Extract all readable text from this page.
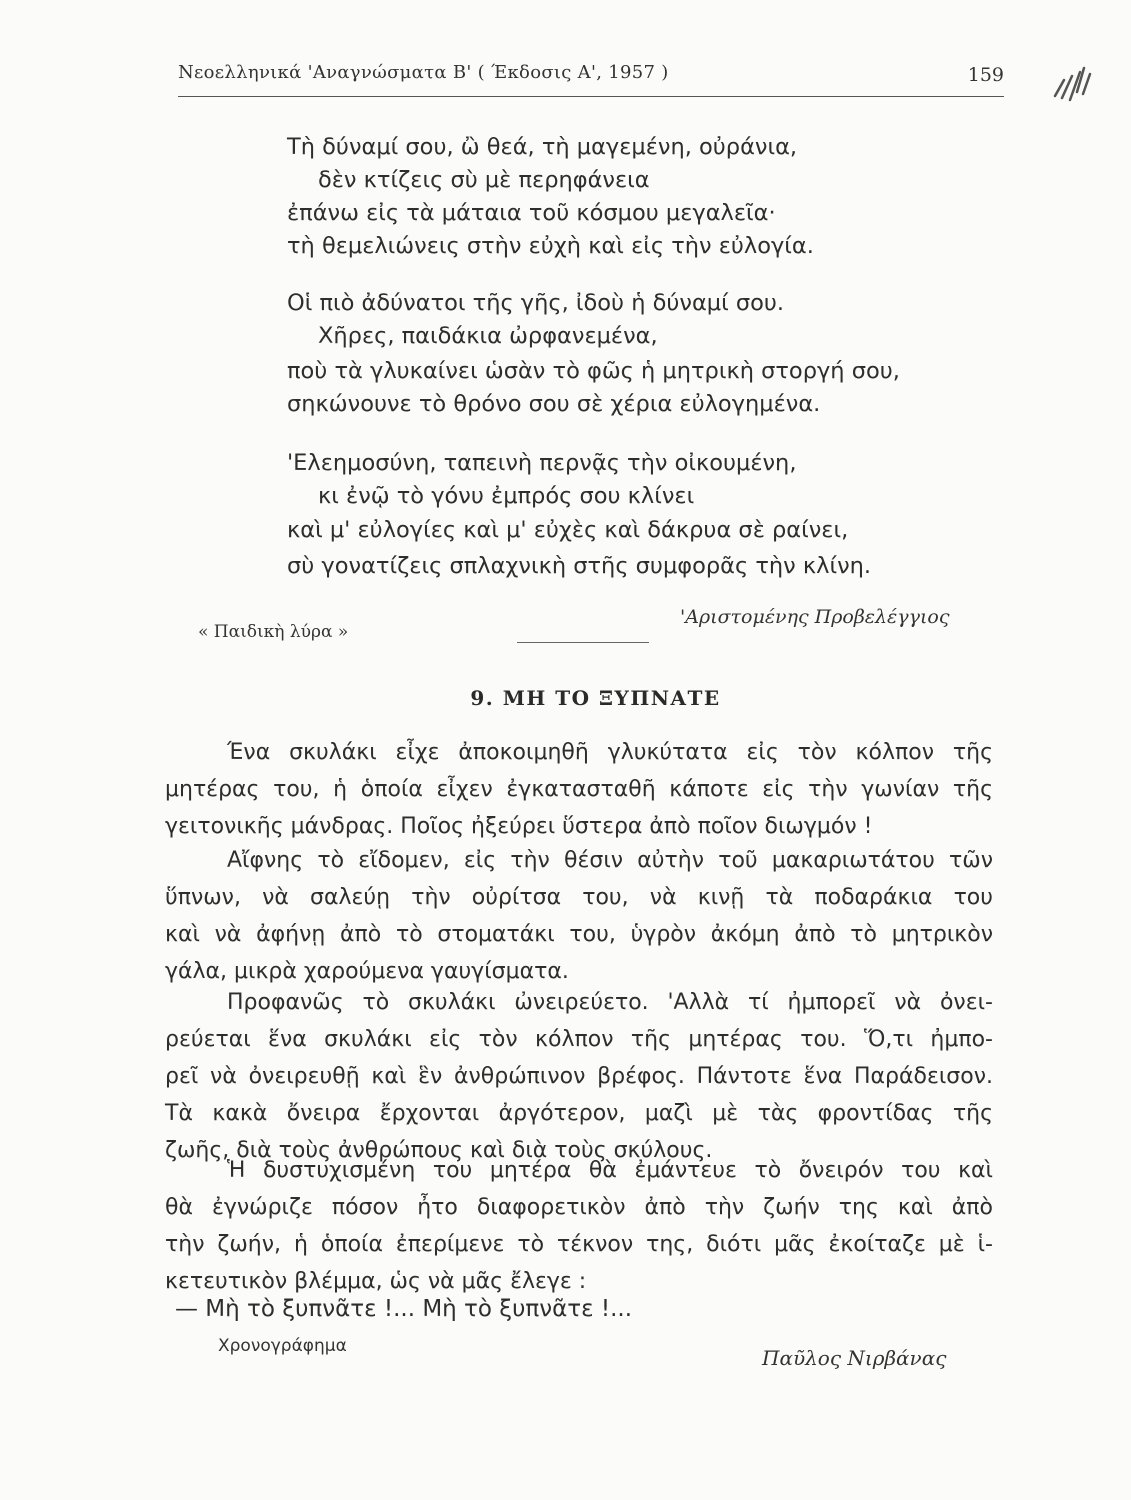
Νεοελληνικά 'Αναγνώσματα Β' ( Έκδοσις Α', 1957 )	159
Τὴ δύναμί σου, ὢ θεά, τὴ μαγεμένη, οὐράνια,
δὲν κτίζεις σὺ μὲ περηφάνεια
ἐπάνω εἰς τὰ μάταια τοῦ κόσμου μεγαλεῖα·
τὴ θεμελιώνεις στὴν εὐχὴ καὶ εἰς τὴν εὐλογία.
Οἱ πιὸ ἀδύνατοι τῆς γῆς, ἰδοὺ ἡ δύναμί σου.
Χῆρες, παιδάκια ὠρφανεμένα,
ποὺ τὰ γλυκαίνει ὡσὰν τὸ φῶς ἡ μητρικὴ στοργή σου,
σηκώνουνε τὸ θρόνο σου σὲ χέρια εὐλογημένα.
'Ελεημοσύνη, ταπεινὴ περνᾷς τὴν οἰκουμένη,
κι ἐνῷ τὸ γόνυ ἐμπρός σου κλίνει
καὶ μ' εὐλογίες καὶ μ' εὐχὲς καὶ δάκρυα σὲ ραίνει,
σὺ γονατίζεις σπλαχνικὴ στῆς συμφορᾶς τὴν κλίνη.
« Παιδικὴ λύρα »
'Αριστομένης Προβελέγγιος
9. ΜΗ ΤΟ ΞΥΠΝΑΤΕ
Ένα σκυλάκι εἶχε ἀποκοιμηθῆ γλυκύτατα εἰς τὸν κόλπον τῆς
μητέρας του, ἡ ὁποία εἶχεν ἐγκατασταθῆ κάποτε εἰς τὴν γωνίαν τῆς
γειτονικῆς μάνδρας. Ποῖος ἠξεύρει ὕστερα ἀπὸ ποῖον διωγμόν !
Αἴφνης τὸ εἴδομεν, εἰς τὴν θέσιν αὐτὴν τοῦ μακαριωτάτου τῶν
ὕπνων, νὰ σαλεύῃ τὴν οὐρίτσα του, νὰ κινῇ τὰ ποδαράκια του
καὶ νὰ ἀφήνῃ ἀπὸ τὸ στοματάκι του, ὑγρὸν ἀκόμη ἀπὸ τὸ μητρικὸν
γάλα, μικρὰ χαρούμενα γαυγίσματα.
Προφανῶς τὸ σκυλάκι ὠνειρεύετο. 'Αλλὰ τί ἠμπορεῖ νὰ ὀνει-
ρεύεται ἕνα σκυλάκι εἰς τὸν κόλπον τῆς μητέρας του. Ὅ,τι ἠμπο-
ρεῖ νὰ ὀνειρευθῇ καὶ ἓν ἀνθρώπινον βρέφος. Πάντοτε ἕνα Παράδεισον.
Τὰ κακὰ ὄνειρα ἔρχονται ἀργότερον, μαζὶ μὲ τὰς φροντίδας τῆς
ζωῆς, διὰ τοὺς ἀνθρώπους καὶ διὰ τοὺς σκύλους.
Ἡ δυστυχισμένη του μητέρα θὰ ἐμάντευε τὸ ὄνειρόν του καὶ
θὰ ἐγνώριζε πόσον ἦτο διαφορετικὸν ἀπὸ τὴν ζωήν της καὶ ἀπὸ
τὴν ζωήν, ἡ ὁποία ἐπερίμενε τὸ τέκνον της, διότι μᾶς ἐκοίταζε μὲ ἱ-
κετευτικὸν βλέμμα, ὡς νὰ μᾶς ἔλεγε :
— Μὴ τὸ ξυπνᾶτε !... Μὴ τὸ ξυπνᾶτε !...
Χρονογράφημα	Παῦλος Νιρβάνας
